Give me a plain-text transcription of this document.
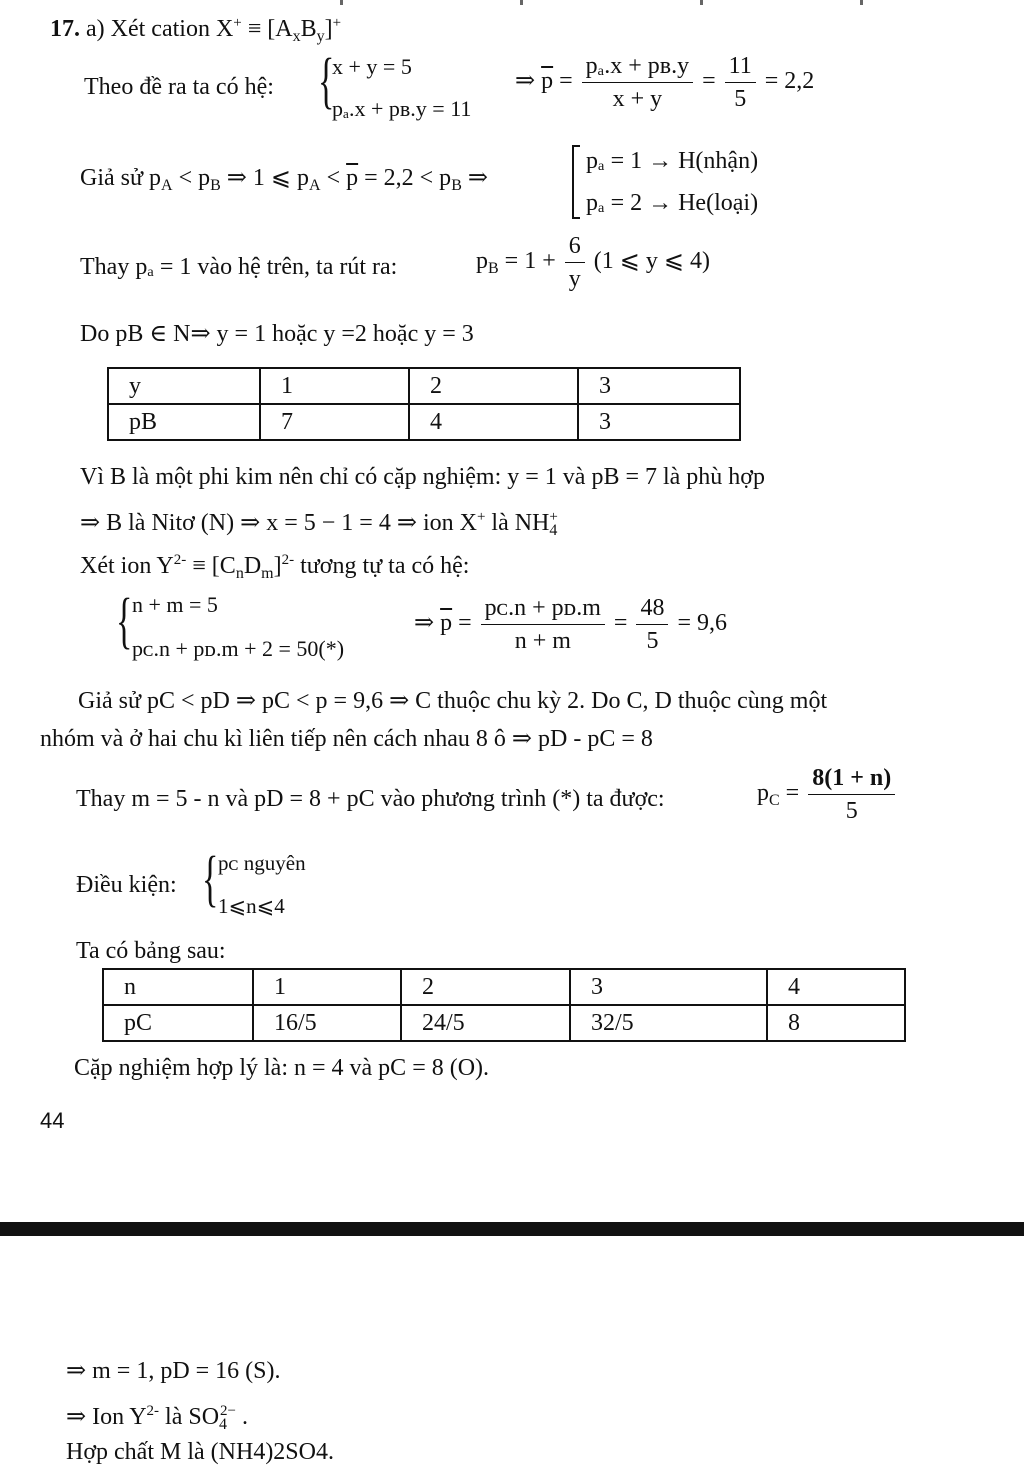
17. a) Xét cation $X^+ \equiv [A_xB_y]^+$
Theo đề ra ta có hệ: {
x + y = 5
pₐ.x + pʙ.y = 11
⇒ $\overline{p} = \frac{\text{pₐ.x + pʙ.y}}{x + y} = \frac{11}{5} = 2,2$
Giả sử $p_A < p_B$ ⇒ 1 ⩽ $p_A < \overline{p} = 2,2 < p_B$ ⇒
pₐ = 1 → H(nhận)
pₐ = 2 → He(loại)
Thay pₐ = 1 vào hệ trên, ta rút ra:	$p_B = 1 + \frac{6}{y} (1$ ⩽ y ⩽ 4)
Do pB ∈ N⇒ y = 1 hoặc y =2 hoặc y = 3
y	1	2	3
pB	7	4	3
Vì B là một phi kim nên chỉ có cặp nghiệm: y = 1 và pB = 7 là phù hợp
⇒ B là Nitơ (N) ⇒ x = 5 − 1 = 4 ⇒ ion X+ là $NH_4^+$
Xét ion $Y^{2-} \equiv [C_nD_m]^{2-}$ tương tự ta có hệ:
{ n + m = 5
pᴄ.n + pᴅ.m + 2 = 50(*)
⇒ $\overline{p} = \frac{\text{pᴄ.n + pᴅ.m}}{n + m} = \frac{48}{5} = 9,6$
Giả sử pC < pD ⇒ pC < p = 9,6 ⇒ C thuộc chu kỳ 2. Do C, D thuộc cùng một
nhóm và ở hai chu kì liên tiếp nên cách nhau 8 ô ⇒ pD - pC = 8
Thay m = 5 - n và pD = 8 + pC vào phương trình (*) ta được:	$p_C = \frac{8(1 + n)}{5}$
Điều kiện: { pᴄ nguyên
1⩽n⩽4
Ta có bảng sau:
n	1	2	3	4
pC	16/5	24/5	32/5	8
Cặp nghiệm hợp lý là: n = 4 và pC = 8 (O).
44
⇒ m = 1, pD = 16 (S).
⇒ Ion $Y^{2-}$ là $SO_4^{2-}$ .
Hợp chất M là (NH4)2SO4.
